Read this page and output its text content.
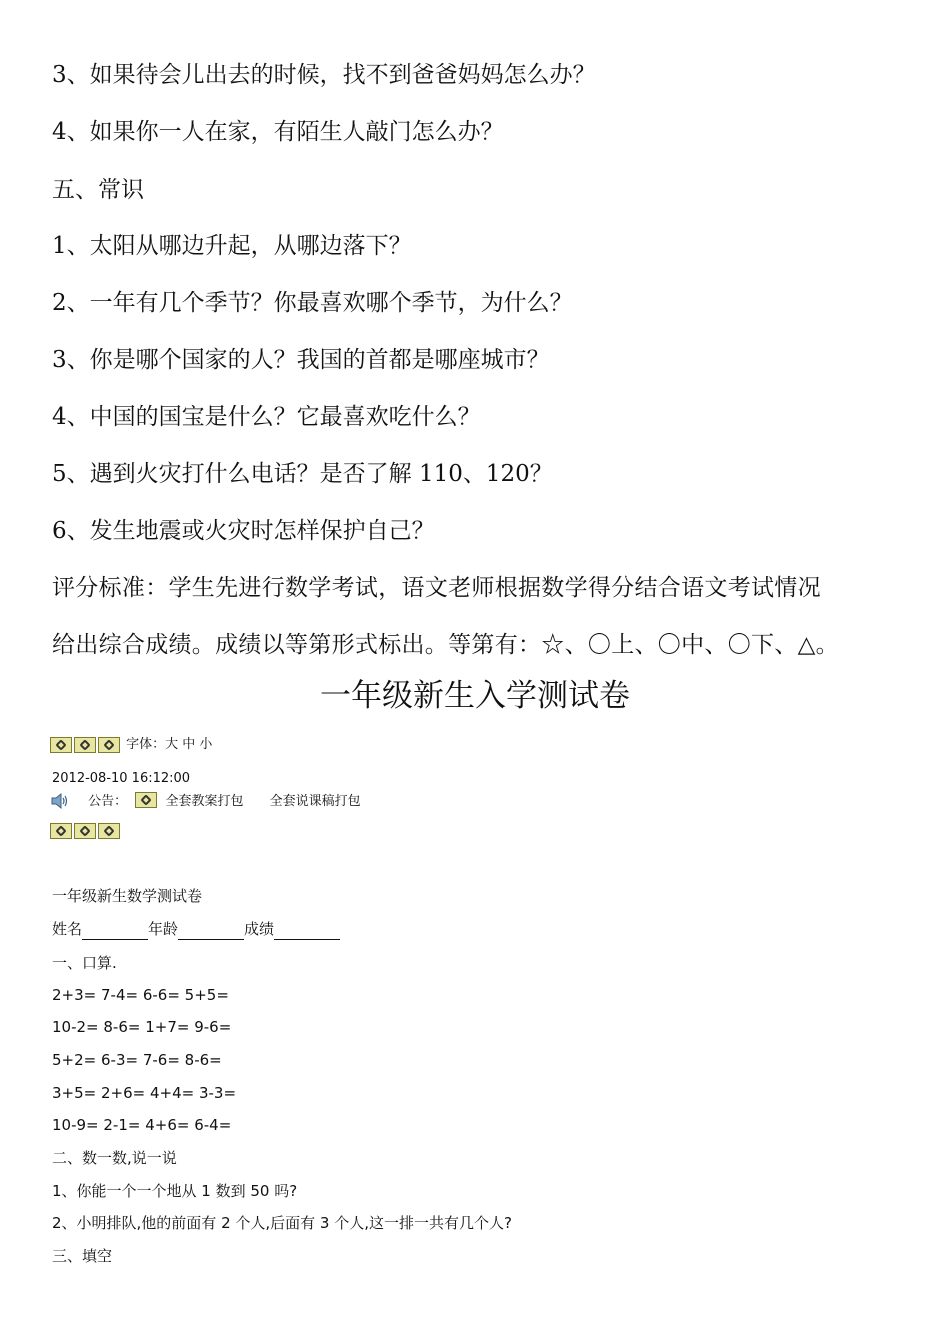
3、如果待会儿出去的时候，找不到爸爸妈妈怎么办？
4、如果你一人在家，有陌生人敲门怎么办？
五、常识
1、太阳从哪边升起，从哪边落下？
2、一年有几个季节？你最喜欢哪个季节，为什么？
3、你是哪个国家的人？我国的首都是哪座城市？
4、中国的国宝是什么？它最喜欢吃什么？
5、遇到火灾打什么电话？是否了解 110、120？
6、发生地震或火灾时怎样保护自己？
评分标准：学生先进行数学考试，语文老师根据数学得分结合语文考试情况
给出综合成绩。成绩以等第形式标出。等第有：☆、〇上、〇中、〇下、△。
一年级新生入学测试卷
字体：大 中 小
2012-08-10 16:12:00
公告：	全套教案打包 全套说课稿打包
一年级新生数学测试卷
姓名	年龄	成绩
一、口算.
2+3= 7-4= 6-6= 5+5=
10-2= 8-6= 1+7= 9-6=
5+2= 6-3= 7-6= 8-6=
3+5= 2+6= 4+4= 3-3=
10-9= 2-1= 4+6= 6-4=
二、数一数,说一说
1、你能一个一个地从 1 数到 50 吗?
2、小明排队,他的前面有 2 个人,后面有 3 个人,这一排一共有几个人?
三、填空
